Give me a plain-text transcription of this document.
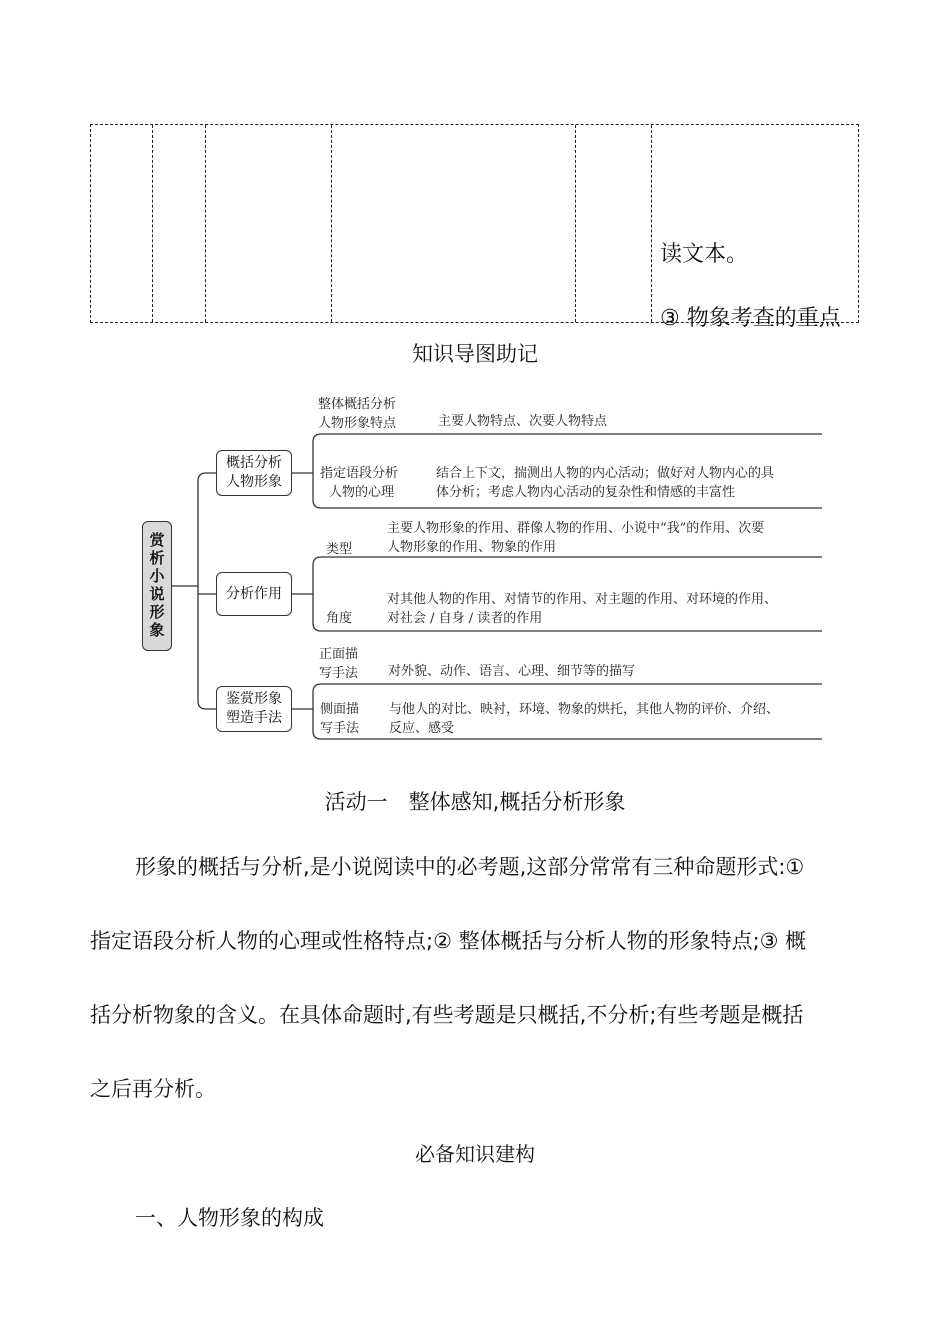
读文本。
③ 物象考查的重点
知识导图助记
赏析小说形象
概括分析
人物形象
分析作用
鉴赏形象
塑造手法
整体概括分析
人物形象特点	主要人物特点、次要人物特点
指定语段分析
人物的心理
结合上下文，揣测出人物的内心活动；做好对人物内心的具
体分析；考虑人物内心活动的复杂性和情感的丰富性
类型
主要人物形象的作用、群像人物的作用、小说中“我”的作用、次要
人物形象的作用、物象的作用
角度
对其他人物的作用、对情节的作用、对主题的作用、对环境的作用、
对社会 / 自身 / 读者的作用
正面描
写手法 对外貌、动作、语言、心理、细节等的描写
侧面描
写手法
与他人的对比、映衬，环境、物象的烘托，其他人物的评价、介绍、
反应、感受
活动一　整体感知,概括分析形象
形象的概括与分析,是小说阅读中的必考题,这部分常常有三种命题形式:①
指定语段分析人物的心理或性格特点;② 整体概括与分析人物的形象特点;③ 概
括分析物象的含义。在具体命题时,有些考题是只概括,不分析;有些考题是概括
之后再分析。
必备知识建构
一、人物形象的构成
